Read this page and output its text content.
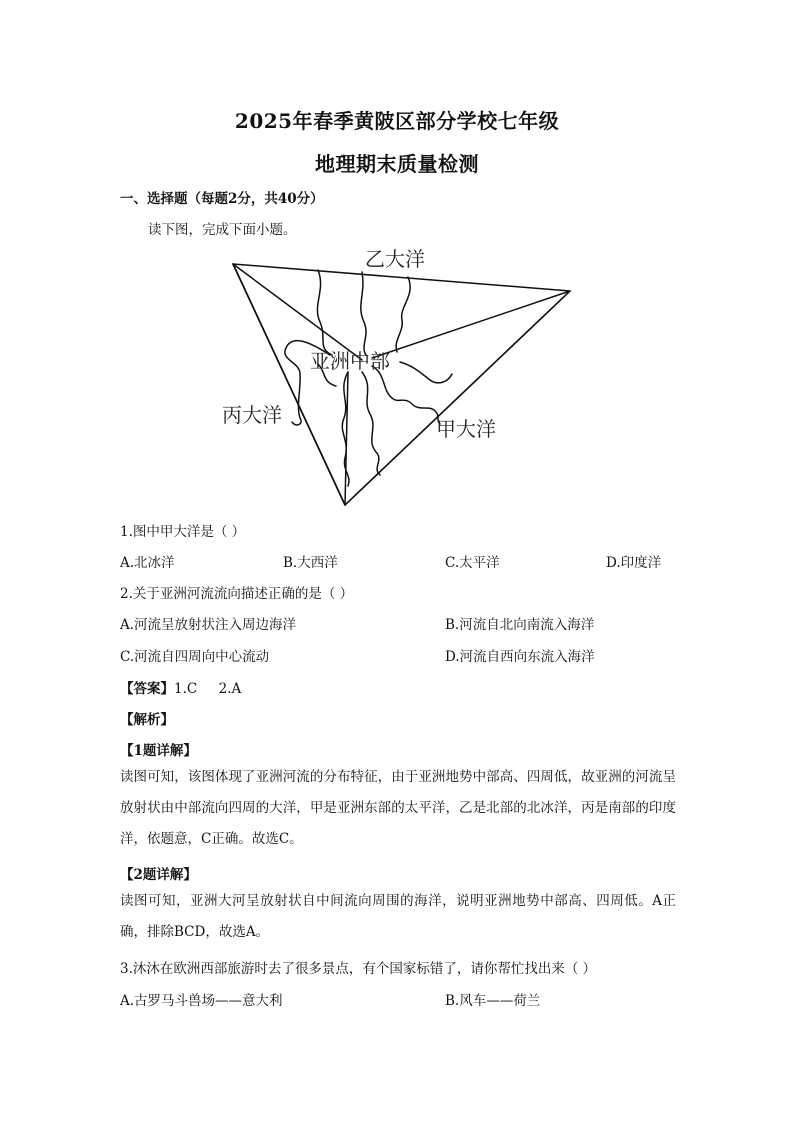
2025年春季黄陂区部分学校七年级
地理期末质量检测
一、选择题（每题2分，共40分）
读下图，完成下面小题。
乙大洋
亚洲中部
丙大洋
甲大洋
1.图中甲大洋是（ ）
A.北冰洋	B.大西洋	C.太平洋	D.印度洋
2.关于亚洲河流流向描述正确的是（ ）
A.河流呈放射状注入周边海洋	B.河流自北向南流入海洋
C.河流自四周向中心流动	D.河流自西向东流入海洋
【答案】1.C     2.A
【解析】
【1题详解】
读图可知，该图体现了亚洲河流的分布特征，由于亚洲地势中部高、四周低，故亚洲的河流呈放射状由中部流向四周的大洋，甲是亚洲东部的太平洋，乙是北部的北冰洋，丙是南部的印度洋，依题意，C正确。故选C。
【2题详解】
读图可知，亚洲大河呈放射状自中间流向周围的海洋，说明亚洲地势中部高、四周低。A正确，排除BCD，故选A。
3.沐沐在欧洲西部旅游时去了很多景点，有个国家标错了，请你帮忙找出来（ ）
A.古罗马斗兽场——意大利	B.风车——荷兰
